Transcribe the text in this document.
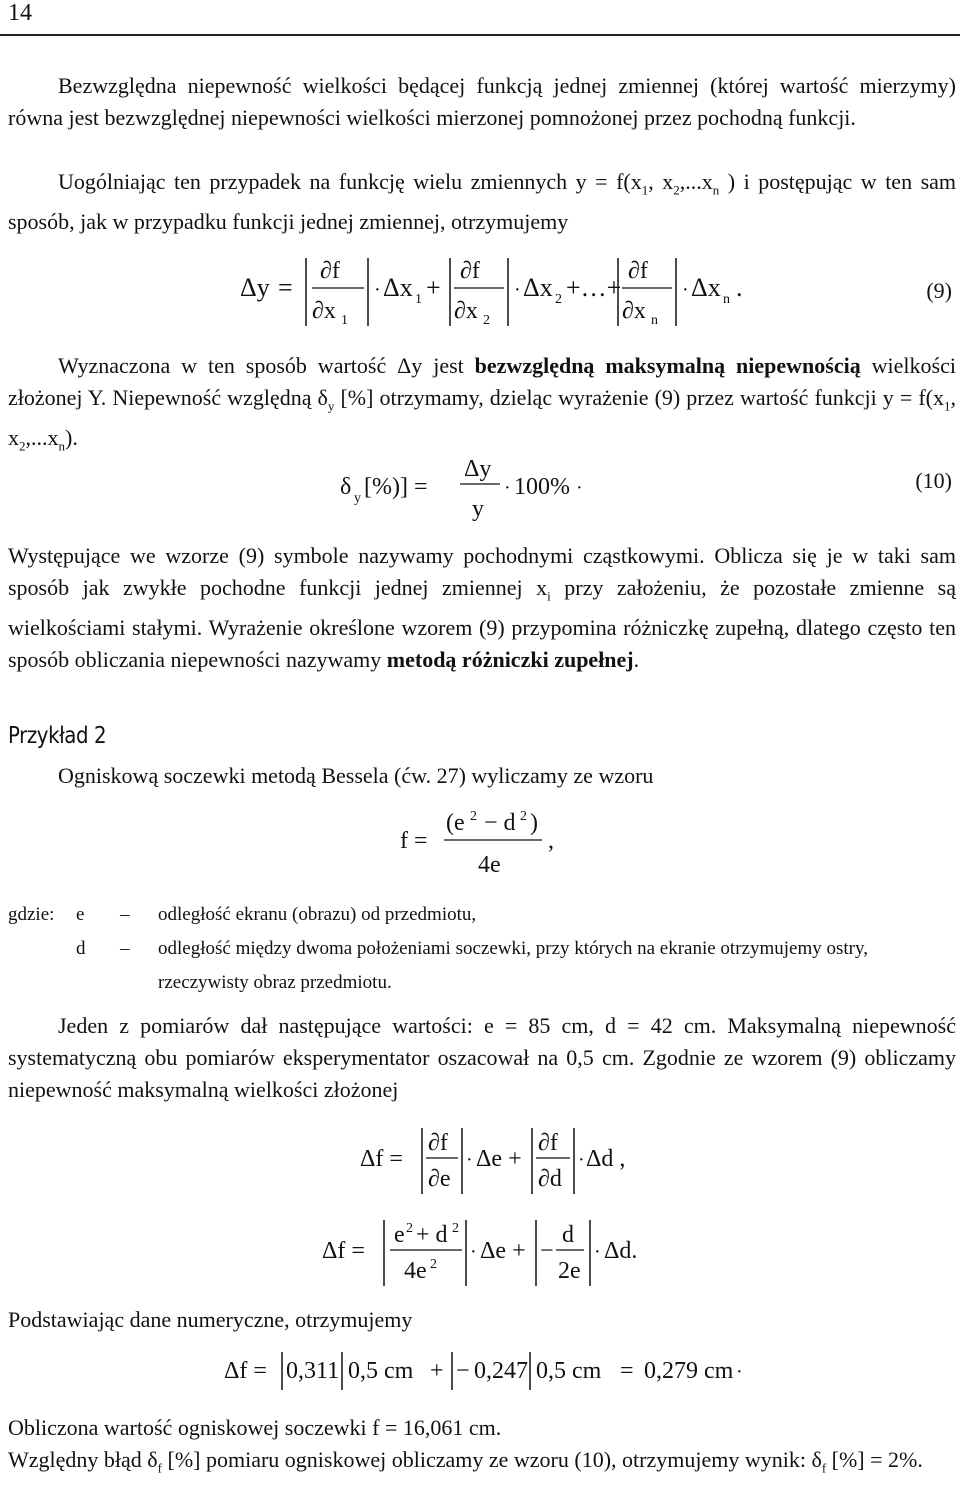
14

Bezwzględna niepewność wielkości będącej funkcją jednej zmiennej (której wartość mierzymy) równa jest bezwzględnej niepewności wielkości mierzonej pomnożonej przez pochodną funkcji.

Uogólniając ten przypadek na funkcję wielu zmiennych $y = f(x_1$, $x_2,...x_n$ ) i postępując w ten sam sposób, jak w przypadku funkcji jednej zmiennej, otrzymujemy

Δy =
∂f
∂x 1
· Δx 1 +
∂f
∂x 2
· Δx 2 +…+
∂f
∂x n
· Δx n .	(9)

Wyznaczona w ten sposób wartość Δy jest bezwzględną maksymalną niepewnością wielkości złożonej Y. Niepewność względną $\delta_y$ [%] otrzymamy, dzieląc wyrażenie (9) przez wartość funkcji $y = f(x_1$, $x_2,...x_n$).

δ y [%)] =
Δy
y
· 100% ·	(10)

Występujące we wzorze (9) symbole nazywamy pochodnymi cząstkowymi. Oblicza się je w taki sam sposób jak zwykłe pochodne funkcji jednej zmiennej $x_i$ przy założeniu, że pozostałe zmienne są wielkościami stałymi. Wyrażenie określone wzorem (9) przypomina różniczkę zupełną, dlatego często ten sposób obliczania niepewności nazywamy metodą różniczki zupełnej.

Przykład 2

Ogniskową soczewki metodą Bessela (ćw. 27) wyliczamy ze wzoru

f =
(e 2 − d 2 )
4e
,
gdzie:	e	–	odległość ekranu (obrazu) od przedmiotu,
d	–	odległość między dwoma położeniami soczewki, przy których na ekranie otrzymujemy ostry, rzeczywisty obraz przedmiotu.

Jeden z pomiarów dał następujące wartości: e = 85 cm, d = 42 cm. Maksymalną niepewność systematyczną obu pomiarów eksperymentator oszacował na 0,5 cm. Zgodnie ze wzorem (9) obliczamy niepewność maksymalną wielkości złożonej

Δf =
∂f
∂e
· Δe +
∂f
∂d
· Δd ,
Δf =
e 2 + d 2
4e 2
· Δe + −
d
2e
· Δd.

Podstawiając dane numeryczne, otrzymujemy

Δf = 0,311 0,5 cm + − 0,247 0,5 cm = 0,279 cm ·

Obliczona wartość ogniskowej soczewki f = 16,061 cm.

Względny błąd $\delta_f$ [%] pomiaru ogniskowej obliczamy ze wzoru (10), otrzymujemy wynik: $\delta_f$ [%] = 2%.
